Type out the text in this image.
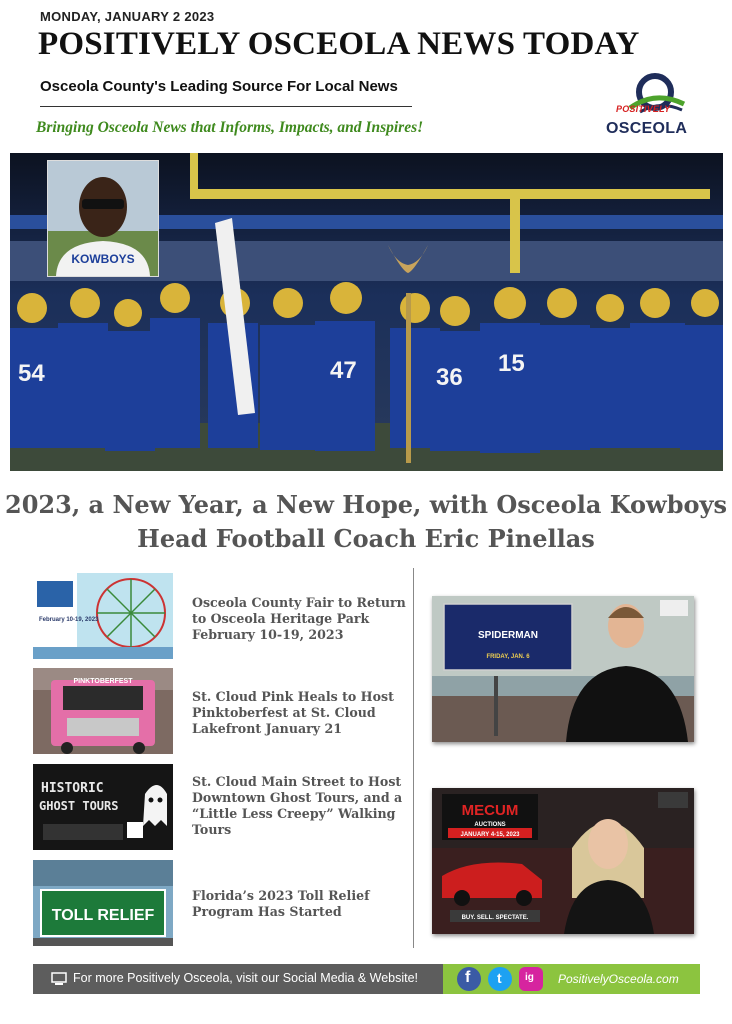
MONDAY, JANUARY 2 2023
POSITIVELY OSCEOLA NEWS TODAY
Osceola County's Leading Source For Local News
Bringing Osceola News that Informs, Impacts, and Inspires!
POSITIVELY
OSCEOLA
54	47	15
36
KOWBOYS
2023, a New Year, a New Hope, with Osceola Kowboys
Head Football Coach Eric Pinellas
February 10-19, 2023
Osceola County Fair to Return to Osceola Heritage Park February 10-19, 2023
PINKTOBERFEST
St. Cloud Pink Heals to Host Pinktoberfest at St. Cloud Lakefront January 21
HISTORIC
GHOST TOURS
St. Cloud Main Street to Host Downtown Ghost Tours, and a “Little Less Creepy” Walking Tours
TOLL RELIEF
Florida’s 2023 Toll Relief Program Has Started
SPIDERMAN
FRIDAY, JAN. 6
MECUM
AUCTIONS
JANUARY 4-15, 2023
BUY. SELL. SPECTATE.
For more Positively Osceola, visit our Social Media & Website!	f t ig PositivelyOsceola.com
